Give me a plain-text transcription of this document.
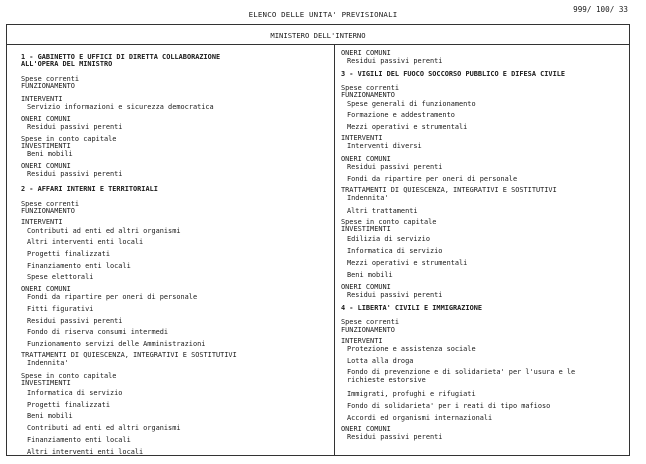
ELENCO DELLE UNITA' PREVISIONALI
999/ 100/ 33
MINISTERO DELL'INTERNO
1 - GABINETTO E UFFICI DI DIRETTA COLLABORAZIONE
ALL'OPERA DEL MINISTRO
Spese correnti
FUNZIONAMENTO
INTERVENTI
Servizio informazioni e sicurezza democratica
ONERI COMUNI
Residui passivi perenti
Spese in conto capitale
INVESTIMENTI
Beni mobili
ONERI COMUNI
Residui passivi perenti
2 - AFFARI INTERNI E TERRITORIALI
Spese correnti
FUNZIONAMENTO
INTERVENTI
Contributi ad enti ed altri organismi
Altri interventi enti locali
Progetti finalizzati
Finanziamento enti locali
Spese elettorali
ONERI COMUNI
Fondi da ripartire per oneri di personale
Fitti figurativi
Residui passivi perenti
Fondo di riserva consumi intermedi
Funzionamento servizi delle Amministrazioni
TRATTAMENTI DI QUIESCENZA, INTEGRATIVI E SOSTITUTIVI
Indennita'
Spese in conto capitale
INVESTIMENTI
Informatica di servizio
Progetti finalizzati
Beni mobili
Contributi ad enti ed altri organismi
Finanziamento enti locali
Altri interventi enti locali
ONERI COMUNI
Residui passivi perenti
3 - VIGILI DEL FUOCO SOCCORSO PUBBLICO E DIFESA CIVILE
Spese correnti
FUNZIONAMENTO
Spese generali di funzionamento
Formazione e addestramento
Mezzi operativi e strumentali
INTERVENTI
Interventi diversi
ONERI COMUNI
Residui passivi perenti
Fondi da ripartire per oneri di personale
TRATTAMENTI DI QUIESCENZA, INTEGRATIVI E SOSTITUTIVI
Indennita'
Altri trattamenti
Spese in conto capitale
INVESTIMENTI
Edilizia di servizio
Informatica di servizio
Mezzi operativi e strumentali
Beni mobili
ONERI COMUNI
Residui passivi perenti
4 - LIBERTA' CIVILI E IMMIGRAZIONE
Spese correnti
FUNZIONAMENTO
INTERVENTI
Protezione e assistenza sociale
Lotta alla droga
Fondo di prevenzione e di solidarieta' per l'usura e le
richieste estorsive
Immigrati, profughi e rifugiati
Fondo di solidarieta' per i reati di tipo mafioso
Accordi ed organismi internazionali
ONERI COMUNI
Residui passivi perenti
